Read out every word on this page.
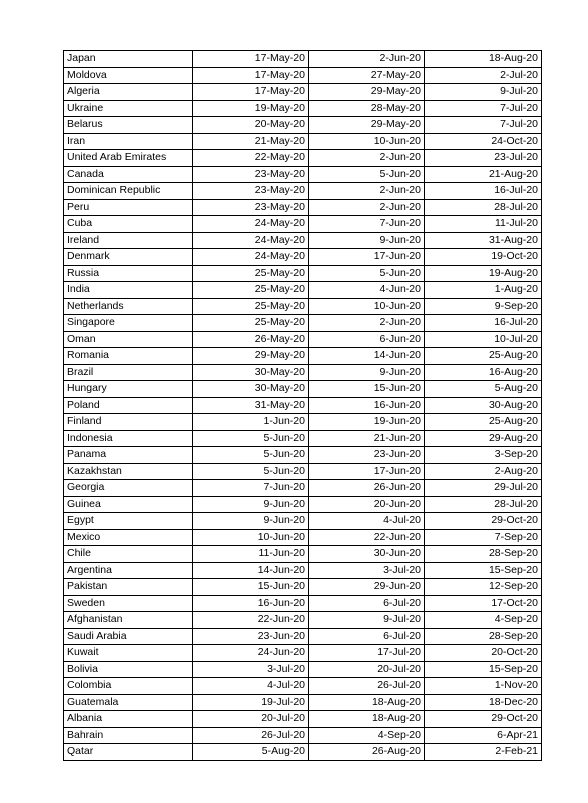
Japan	17-May-20	2-Jun-20	18-Aug-20
Moldova	17-May-20	27-May-20	2-Jul-20
Algeria	17-May-20	29-May-20	9-Jul-20
Ukraine	19-May-20	28-May-20	7-Jul-20
Belarus	20-May-20	29-May-20	7-Jul-20
Iran	21-May-20	10-Jun-20	24-Oct-20
United Arab Emirates	22-May-20	2-Jun-20	23-Jul-20
Canada	23-May-20	5-Jun-20	21-Aug-20
Dominican Republic	23-May-20	2-Jun-20	16-Jul-20
Peru	23-May-20	2-Jun-20	28-Jul-20
Cuba	24-May-20	7-Jun-20	11-Jul-20
Ireland	24-May-20	9-Jun-20	31-Aug-20
Denmark	24-May-20	17-Jun-20	19-Oct-20
Russia	25-May-20	5-Jun-20	19-Aug-20
India	25-May-20	4-Jun-20	1-Aug-20
Netherlands	25-May-20	10-Jun-20	9-Sep-20
Singapore	25-May-20	2-Jun-20	16-Jul-20
Oman	26-May-20	6-Jun-20	10-Jul-20
Romania	29-May-20	14-Jun-20	25-Aug-20
Brazil	30-May-20	9-Jun-20	16-Aug-20
Hungary	30-May-20	15-Jun-20	5-Aug-20
Poland	31-May-20	16-Jun-20	30-Aug-20
Finland	1-Jun-20	19-Jun-20	25-Aug-20
Indonesia	5-Jun-20	21-Jun-20	29-Aug-20
Panama	5-Jun-20	23-Jun-20	3-Sep-20
Kazakhstan	5-Jun-20	17-Jun-20	2-Aug-20
Georgia	7-Jun-20	26-Jun-20	29-Jul-20
Guinea	9-Jun-20	20-Jun-20	28-Jul-20
Egypt	9-Jun-20	4-Jul-20	29-Oct-20
Mexico	10-Jun-20	22-Jun-20	7-Sep-20
Chile	11-Jun-20	30-Jun-20	28-Sep-20
Argentina	14-Jun-20	3-Jul-20	15-Sep-20
Pakistan	15-Jun-20	29-Jun-20	12-Sep-20
Sweden	16-Jun-20	6-Jul-20	17-Oct-20
Afghanistan	22-Jun-20	9-Jul-20	4-Sep-20
Saudi Arabia	23-Jun-20	6-Jul-20	28-Sep-20
Kuwait	24-Jun-20	17-Jul-20	20-Oct-20
Bolivia	3-Jul-20	20-Jul-20	15-Sep-20
Colombia	4-Jul-20	26-Jul-20	1-Nov-20
Guatemala	19-Jul-20	18-Aug-20	18-Dec-20
Albania	20-Jul-20	18-Aug-20	29-Oct-20
Bahrain	26-Jul-20	4-Sep-20	6-Apr-21
Qatar	5-Aug-20	26-Aug-20	2-Feb-21
